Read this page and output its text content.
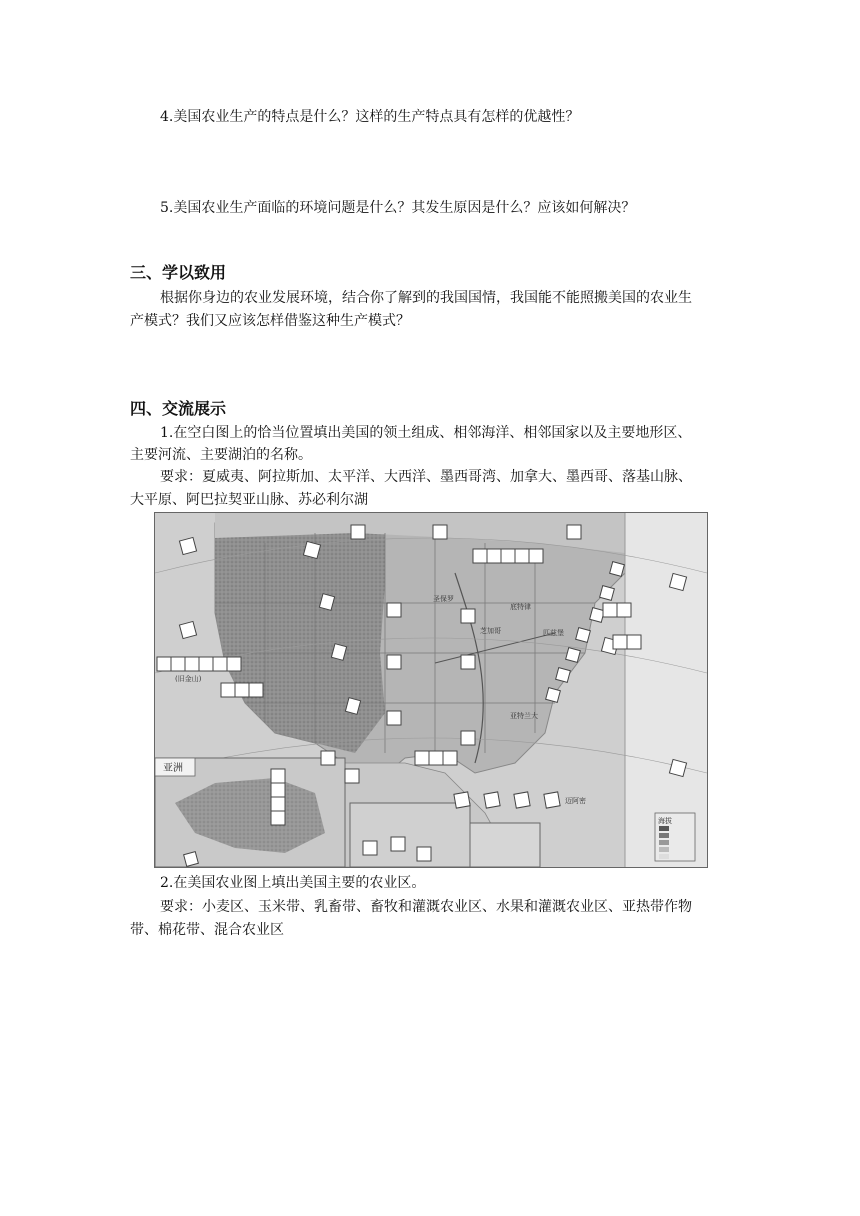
4.美国农业生产的特点是什么？这样的生产特点具有怎样的优越性？

5.美国农业生产面临的环境问题是什么？其发生原因是什么？应该如何解决？

三、学以致用

根据你身边的农业发展环境，结合你了解到的我国国情，我国能不能照搬美国的农业生

产模式？我们又应该怎样借鉴这种生产模式？

四、交流展示

1.在空白图上的恰当位置填出美国的领土组成、相邻海洋、相邻国家以及主要地形区、

主要河流、主要湖泊的名称。

要求：夏威夷、阿拉斯加、太平洋、大西洋、墨西哥湾、加拿大、墨西哥、落基山脉、

大平原、阿巴拉契亚山脉、苏必利尔湖

亚洲
海拔
(旧金山)
圣保罗
芝加哥	匹兹堡
底特律
亚特兰大
迈阿密

2.在美国农业图上填出美国主要的农业区。

要求：小麦区、玉米带、乳畜带、畜牧和灌溉农业区、水果和灌溉农业区、亚热带作物

带、棉花带、混合农业区
